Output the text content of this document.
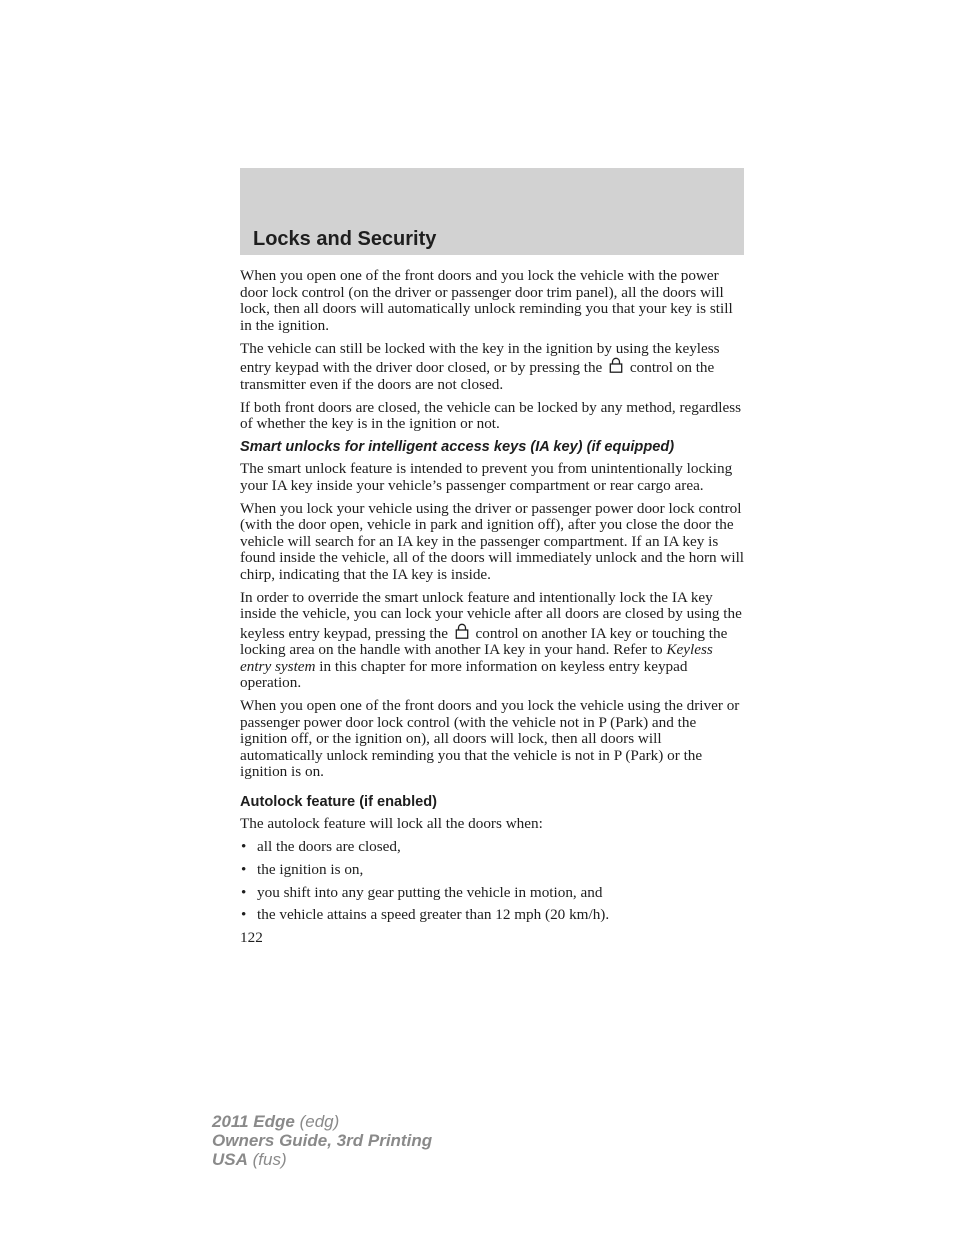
Locks and Security

When you open one of the front doors and you lock the vehicle with the power door lock control (on the driver or passenger door trim panel), all the doors will lock, then all doors will automatically unlock reminding you that your key is still in the ignition.

The vehicle can still be locked with the key in the ignition by using the keyless entry keypad with the driver door closed, or by pressing the control on the transmitter even if the doors are not closed.

If both front doors are closed, the vehicle can be locked by any method, regardless of whether the key is in the ignition or not.

Smart unlocks for intelligent access keys (IA key) (if equipped)

The smart unlock feature is intended to prevent you from unintentionally locking your IA key inside your vehicle’s passenger compartment or rear cargo area.

When you lock your vehicle using the driver or passenger power door lock control (with the door open, vehicle in park and ignition off), after you close the door the vehicle will search for an IA key in the passenger compartment. If an IA key is found inside the vehicle, all of the doors will immediately unlock and the horn will chirp, indicating that the IA key is inside.

In order to override the smart unlock feature and intentionally lock the IA key inside the vehicle, you can lock your vehicle after all doors are closed by using the keyless entry keypad, pressing the control on another IA key or touching the locking area on the handle with another IA key in your hand. Refer to Keyless entry system in this chapter for more information on keyless entry keypad operation.

When you open one of the front doors and you lock the vehicle using the driver or passenger power door lock control (with the vehicle not in P (Park) and the ignition off, or the ignition on), all doors will lock, then all doors will automatically unlock reminding you that the vehicle is not in P (Park) or the ignition is on.

Autolock feature (if enabled)

The autolock feature will lock all the doors when:

• all the doors are closed,
• the ignition is on,
• you shift into any gear putting the vehicle in motion, and
• the vehicle attains a speed greater than 12 mph (20 km/h).
122
2011 Edge (edg)
Owners Guide, 3rd Printing
USA (fus)
